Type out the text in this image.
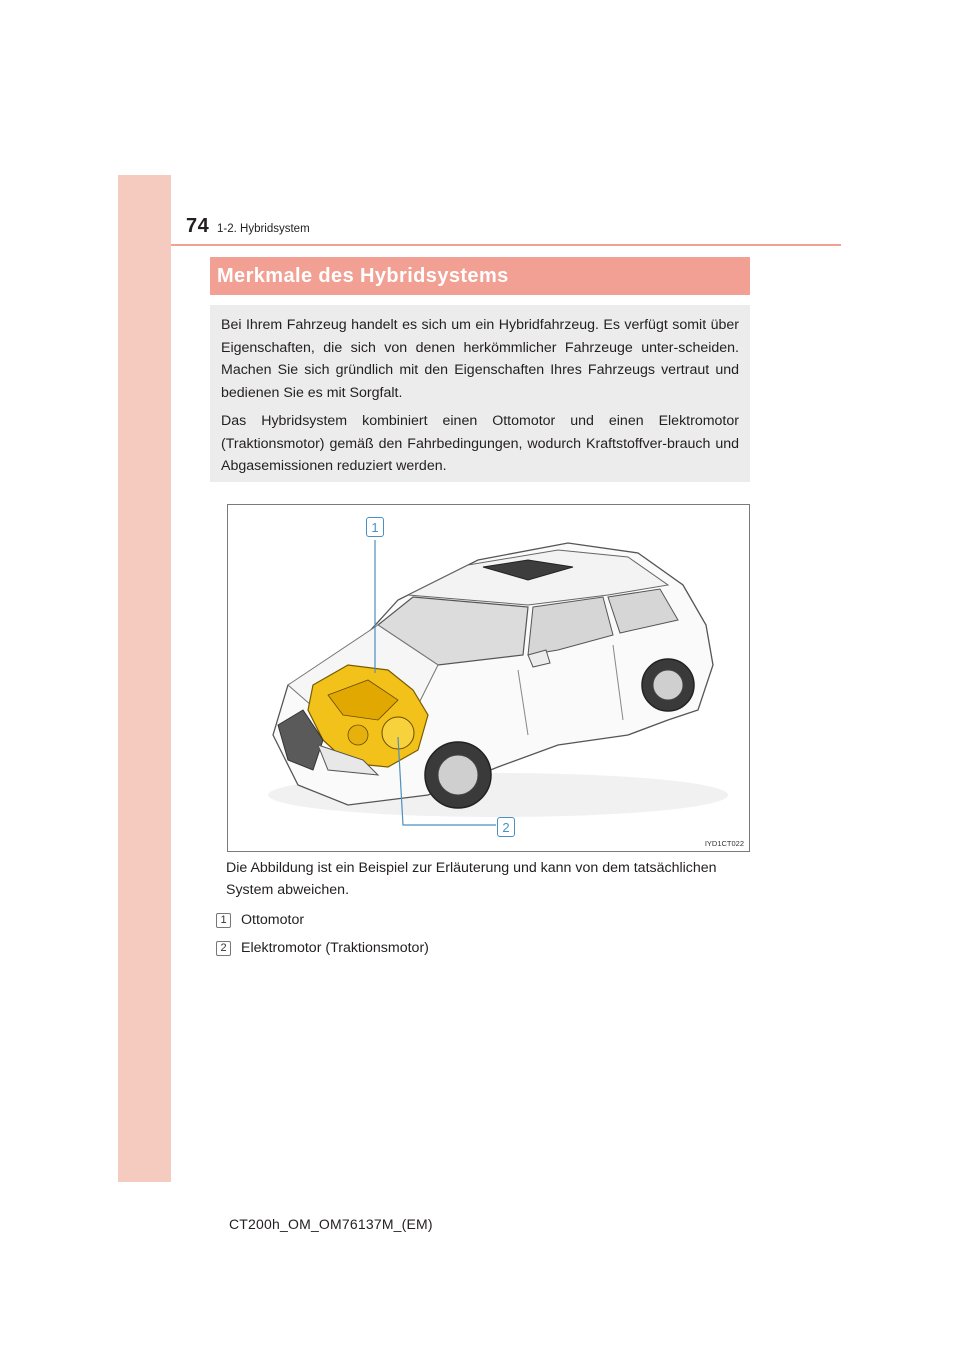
74 1-2. Hybridsystem
Merkmale des Hybridsystems

Bei Ihrem Fahrzeug handelt es sich um ein Hybridfahrzeug. Es verfügt somit über Eigenschaften, die sich von denen herkömmlicher Fahrzeuge unter-scheiden. Machen Sie sich gründlich mit den Eigenschaften Ihres Fahrzeugs vertraut und bedienen Sie es mit Sorgfalt.

Das Hybridsystem kombiniert einen Ottomotor und einen Elektromotor (Traktionsmotor) gemäß den Fahrbedingungen, wodurch Kraftstoffver-brauch und Abgasemissionen reduziert werden.

1
2
IYD1CT022
Die Abbildung ist ein Beispiel zur Erläuterung und kann von dem tatsächlichen System abweichen.
1	Ottomotor
2	Elektromotor (Traktionsmotor)
CT200h_OM_OM76137M_(EM)
